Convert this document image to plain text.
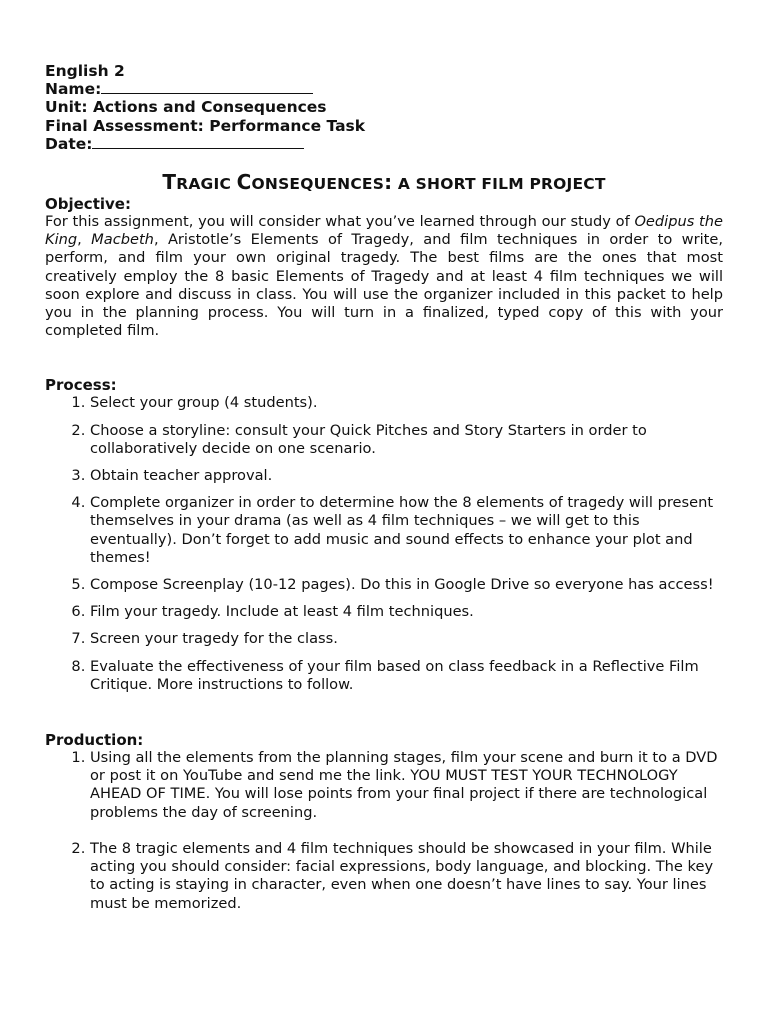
English 2
Name:
Unit: Actions and Consequences
Final Assessment: Performance Task
Date:
TRAGIC CONSEQUENCES: A SHORT FILM PROJECT
Objective:
For this assignment, you will consider what you’ve learned through our study of Oedipus the King, Macbeth, Aristotle’s Elements of Tragedy, and film techniques in order to write, perform, and film your own original tragedy. The best films are the ones that most creatively employ the 8 basic Elements of Tragedy and at least 4 film techniques we will soon explore and discuss in class. You will use the organizer included in this packet to help you in the planning process. You will turn in a finalized, typed copy of this with your completed film.
Process:
1. Select your group (4 students).
2. Choose a storyline: consult your Quick Pitches and Story Starters in order to collaboratively decide on one scenario.
3. Obtain teacher approval.
4. Complete organizer in order to determine how the 8 elements of tragedy will present themselves in your drama (as well as 4 film techniques – we will get to this eventually). Don’t forget to add music and sound effects to enhance your plot and themes!
5. Compose Screenplay (10-12 pages). Do this in Google Drive so everyone has access!
6. Film your tragedy. Include at least 4 film techniques.
7. Screen your tragedy for the class.
8. Evaluate the effectiveness of your film based on class feedback in a Reflective Film Critique. More instructions to follow.
Production:
1. Using all the elements from the planning stages, film your scene and burn it to a DVD or post it on YouTube and send me the link. YOU MUST TEST YOUR TECHNOLOGY AHEAD OF TIME. You will lose points from your final project if there are technological problems the day of screening.
2. The 8 tragic elements and 4 film techniques should be showcased in your film. While acting you should consider: facial expressions, body language, and blocking. The key to acting is staying in character, even when one doesn’t have lines to say. Your lines must be memorized.
